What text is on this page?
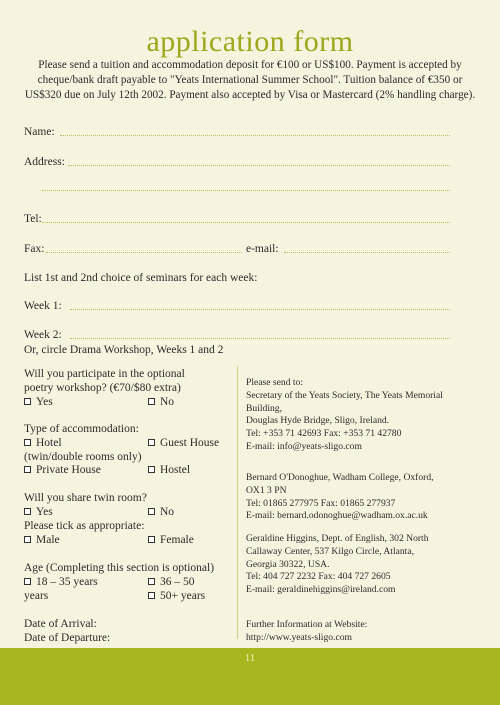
application form
Please send a tuition and accommodation deposit for €100 or US$100. Payment is accepted by cheque/bank draft payable to "Yeats International Summer School". Tuition balance of €350 or US$320 due on July 12th 2002. Payment also accepted by Visa or Mastercard (2% handling charge).
Name:
Address:
Tel:
Fax:	e-mail:
List 1st and 2nd choice of seminars for each week:
Week 1:
Week 2:
Or, circle Drama Workshop, Weeks 1 and 2
Will you participate in the optional
poetry workshop? (€70/$80 extra)
Yes	No
Type of accommodation:
Hotel	Guest House
(twin/double rooms only)
Private House	Hostel
Will you share twin room?
Yes	No
Please tick as appropriate:
Male	Female
Age (Completing this section is optional)
18 – 35 years	36 – 50
years	50+ years
Date of Arrival:
Date of Departure:
Please send to:
Secretary of the Yeats Society, The Yeats Memorial
Building,
Douglas Hyde Bridge, Sligo, Ireland.
Tel: +353 71 42693 Fax: +353 71 42780
E-mail: info@yeats-sligo.com
Bernard O'Donoghue, Wadham College, Oxford,
OX1 3 PN
Tel: 01865 277975 Fax: 01865 277937
E-mail: bernard.odonoghue@wadham.ox.ac.uk
Geraldine Higgins, Dept. of English, 302 North
Callaway Center, 537 Kilgo Circle, Atlanta,
Georgia 30322, USA.
Tel: 404 727 2232 Fax: 404 727 2605
E-mail: geraldinehiggins@ireland.com
Further Information at Website:
http://www.yeats-sligo.com
11
